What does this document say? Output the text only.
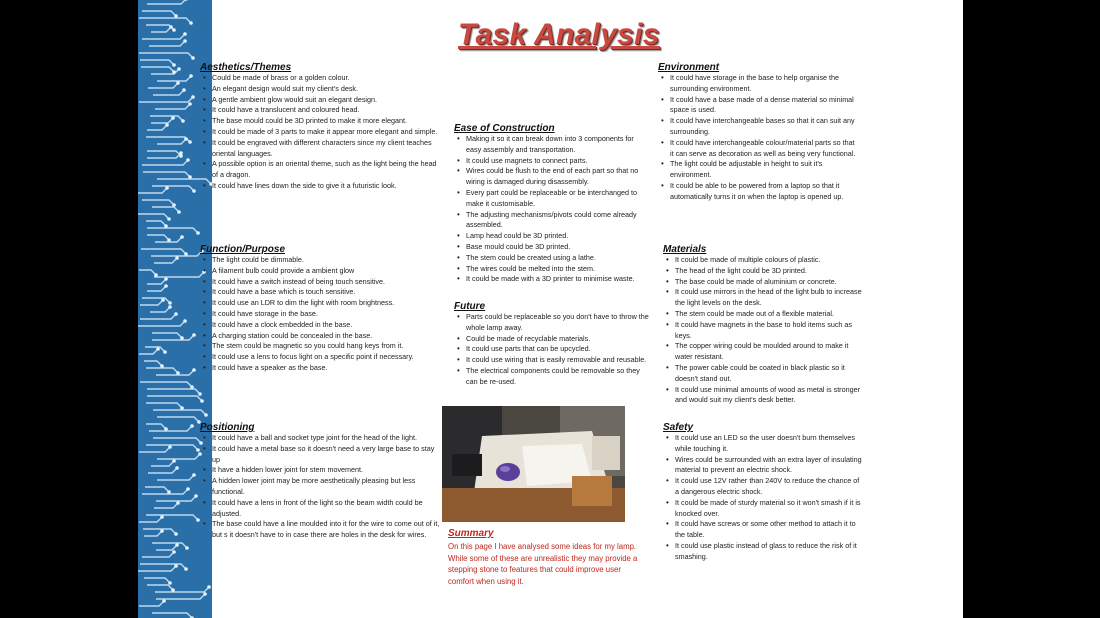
Task Analysis
Aesthetics/Themes
• Could be made of brass or a golden colour.
• An elegant design would suit my client's desk.
• A gentle ambient glow would suit an elegant design.
• It could have a translucent and coloured head.
• The base mould could be 3D printed to make it more elegant.
• It could be made of 3 parts to make it appear more elegant and simple.
• It could be engraved with different characters since my client teaches oriental languages.
• A possible option is an oriental theme, such as the light being the head of a dragon.
• It could have lines down the side to give it a futuristic look.
Function/Purpose
• The light could be dimmable.
• A filament bulb could provide a ambient glow
• It could have a switch instead of being touch sensitive.
• It could have a base which is touch sensitive.
• It could use an LDR to dim the light with room brightness.
• It could have storage in the base.
• It could have a clock embedded in the base.
• A charging station could be concealed in the base.
• The stem could be magnetic so you could hang keys from it.
• It could use a lens to focus light on a specific point if necessary.
• It could have a speaker as the base.
Positioning
• It could have a ball and socket type joint for the head of the light.
• It could have a metal base so it doesn't need a very large base to stay up
• It have a hidden lower joint for stem movement.
• A hidden lower joint may be more aesthetically pleasing but less functional.
• It could have a lens in front of the light so the beam width could be adjusted.
• The base could have a line moulded into it for the wire to come out of it, but s it doesn't have to in case there are holes in the desk for wires.
Ease of Construction
• Making it so it can break down into 3 components for easy assembly and transportation.
• It could use magnets to connect parts.
• Wires could be flush to the end of each part so that no wiring is damaged during disassembly.
• Every part could be replaceable or be interchanged to make it customisable.
• The adjusting mechanisms/pivots could come already assembled.
• Lamp head could be 3D printed.
• Base mould could be 3D printed.
• The stem could be created using a lathe.
• The wires could be melted into the stem.
• It could be made with a 3D printer to minimise waste.
Future
• Parts could be replaceable so you don't have to throw the whole lamp away.
• Could be made of recyclable materials.
• It could use parts that can be upcycled.
• It could use wiring that is easily removable and reusable.
• The electrical components could be removable so they can be re-used.
Summary

On this page I have analysed some ideas for my lamp. While some of these are unrealistic they may provide a stepping stone to features that could improve user comfort when using it.

Environment
• It could have storage in the base to help organise the surrounding environment.
• It could have a base made of a dense material so minimal space is used.
• It could have interchangeable bases so that it can suit any surrounding.
• It could have interchangeable colour/material parts so that it can serve as decoration as well as being very functional.
• The light could be adjustable in height to suit it's environment.
• It could be able to be powered from a laptop so that it automatically turns it on when the laptop is opened up.
Materials
• It could be made of multiple colours of plastic.
• The head of the light could be 3D printed.
• The base could be made of aluminium or concrete.
• It could use mirrors in the head of the light bulb to increase the light levels on the desk.
• The stem could be made out of a flexible material.
• It could have magnets in the base to hold items such as keys.
• The copper wiring could be moulded around to make it water resistant.
• The power cable could be coated in black plastic so it doesn't stand out.
• It could use minimal amounts of wood as metal is stronger and would suit my client's desk better.
Safety
• It could use an LED so the user doesn't burn themselves while touching it.
• Wires could be surrounded with an extra layer of insulating material to prevent an electric shock.
• It could use 12V rather than 240V to reduce the chance of a dangerous electric shock.
• It could be made of sturdy material so it won't smash if it is knocked over.
• It could have screws or some other method to attach it to the table.
• It could use plastic instead of glass to reduce the risk of it smashing.
